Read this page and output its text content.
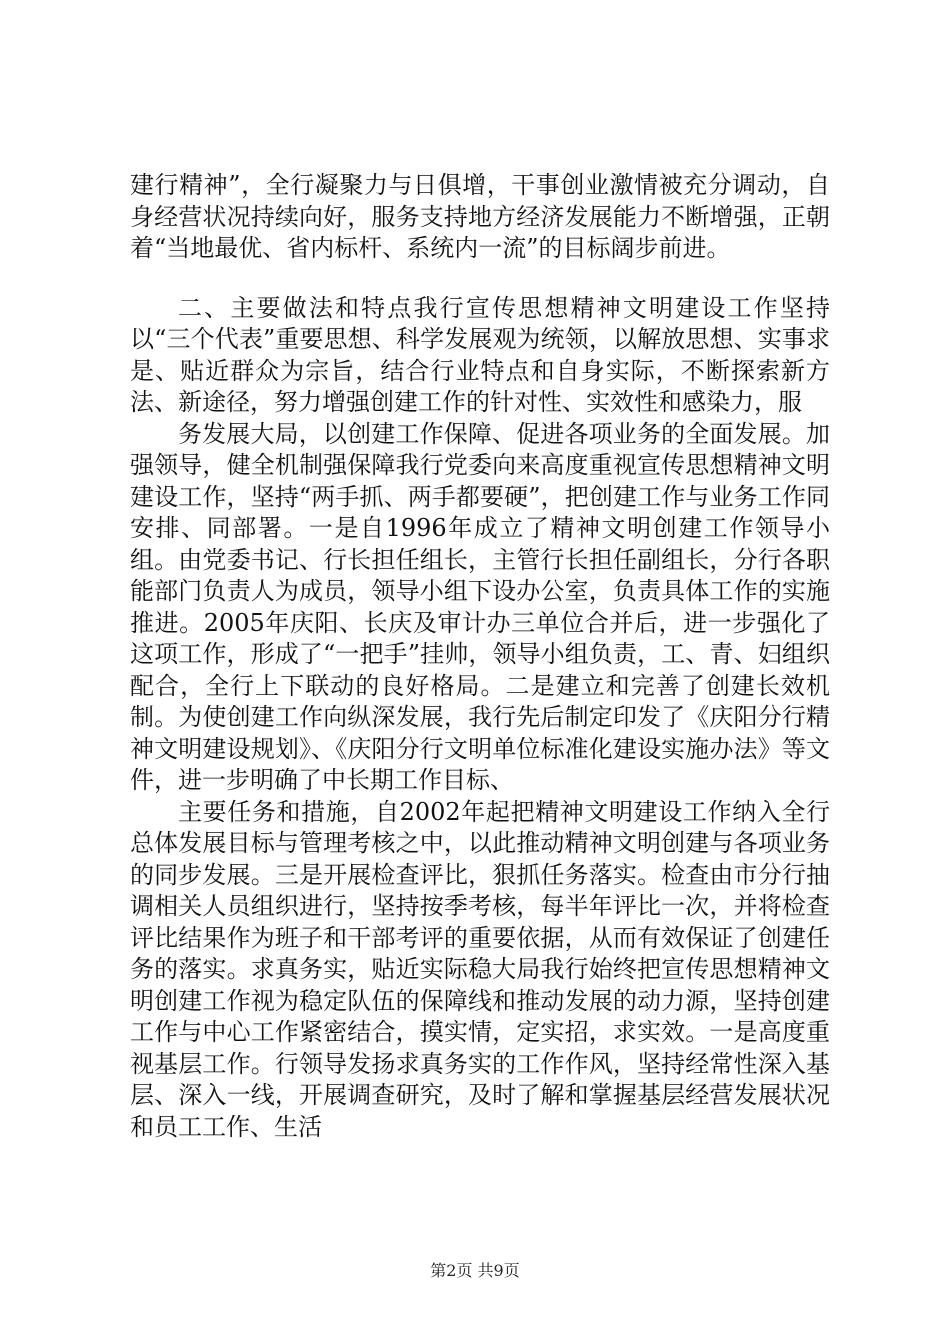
建行精神”，全行凝聚力与日俱增，干事创业激情被充分调动，自身经营状况持续向好，服务支持地方经济发展能力不断增强，正朝着“当地最优、省内标杆、系统内一流”的目标阔步前进。

二、主要做法和特点我行宣传思想精神文明建设工作坚持以“三个代表”重要思想、科学发展观为统领，以解放思想、实事求是、贴近群众为宗旨，结合行业特点和自身实际，不断探索新方法、新途径，努力增强创建工作的针对性、实效性和感染力，服

务发展大局，以创建工作保障、促进各项业务的全面发展。加强领导，健全机制强保障我行党委向来高度重视宣传思想精神文明建设工作，坚持“两手抓、两手都要硬”，把创建工作与业务工作同安排、同部署。一是自1996年成立了精神文明创建工作领导小组。由党委书记、行长担任组长，主管行长担任副组长，分行各职能部门负责人为成员，领导小组下设办公室，负责具体工作的实施推进。2005年庆阳、长庆及审计办三单位合并后，进一步强化了这项工作，形成了“一把手”挂帅，领导小组负责，工、青、妇组织配合，全行上下联动的良好格局。二是建立和完善了创建长效机制。为使创建工作向纵深发展，我行先后制定印发了《庆阳分行精神文明建设规划》、《庆阳分行文明单位标准化建设实施办法》等文件，进一步明确了中长期工作目标、

主要任务和措施，自2002年起把精神文明建设工作纳入全行总体发展目标与管理考核之中，以此推动精神文明创建与各项业务的同步发展。三是开展检查评比，狠抓任务落实。检查由市分行抽调相关人员组织进行，坚持按季考核，每半年评比一次，并将检查评比结果作为班子和干部考评的重要依据，从而有效保证了创建任务的落实。求真务实，贴近实际稳大局我行始终把宣传思想精神文明创建工作视为稳定队伍的保障线和推动发展的动力源，坚持创建工作与中心工作紧密结合，摸实情，定实招，求实效。一是高度重视基层工作。行领导发扬求真务实的工作作风，坚持经常性深入基层、深入一线，开展调查研究，及时了解和掌握基层经营发展状况和员工工作、生活

第2页 共9页
